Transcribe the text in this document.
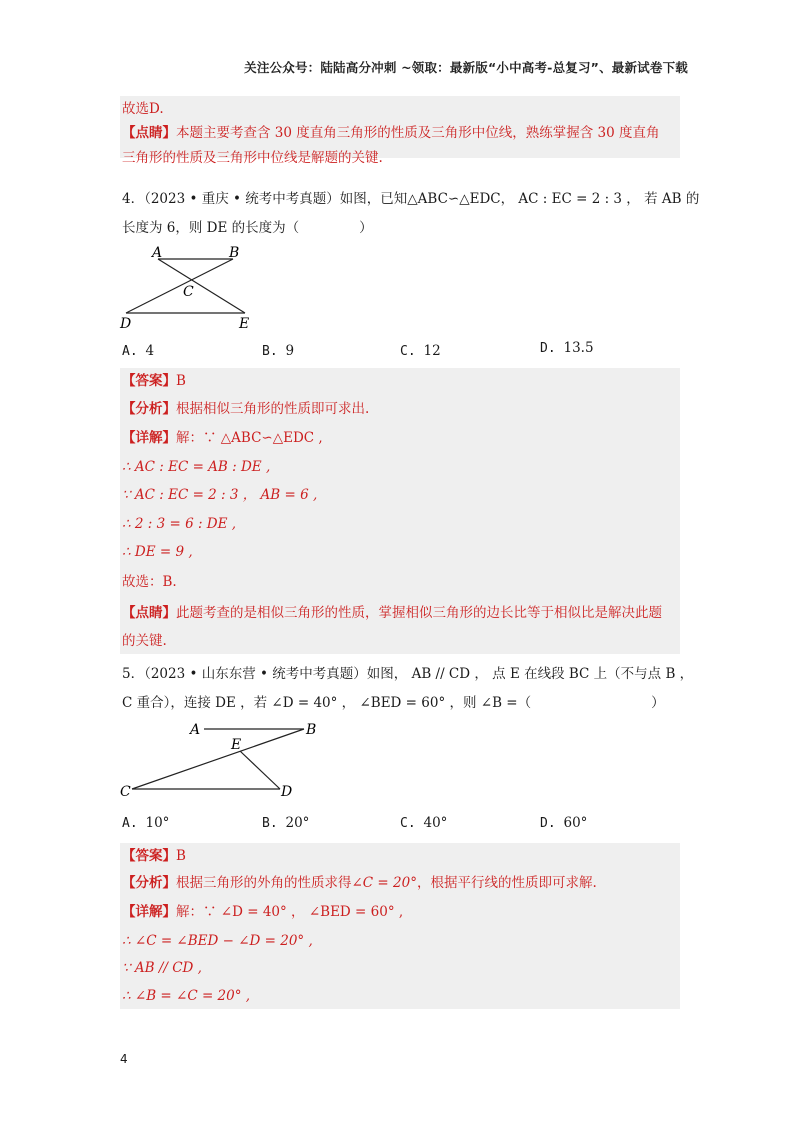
关注公众号：陆陆高分冲刺 ~领取：最新版“小中高考-总复习”、最新试卷下载
故选D.
【点睛】本题主要考查含 30 度直角三角形的性质及三角形中位线，熟练掌握含 30 度直角
三角形的性质及三角形中位线是解题的关键.
4．（2023 • 重庆 • 统考中考真题）如图，已知△ABC∽△EDC， AC : EC = 2 : 3 ， 若 AB 的
长度为 6，则 DE 的长度为（	）
A	B
C
D	E
A. 4	B. 9	C. 12	D. 13.5
【答案】B
【分析】根据相似三角形的性质即可求出.
【详解】解：∵ △ABC∽△EDC ,
∴ AC : EC = AB : DE ,
∵ AC : EC = 2 : 3 ， AB = 6 ,
∴ 2 : 3 = 6 : DE ,
∴ DE = 9 ,
故选：B.
【点睛】此题考查的是相似三角形的性质，掌握相似三角形的边长比等于相似比是解决此题
的关键.
5．（2023 • 山东东营 • 统考中考真题）如图， AB // CD ， 点 E 在线段 BC 上（不与点 B ，
C 重合），连接 DE ，若 ∠D = 40° ， ∠BED = 60° ，则 ∠B =（	）
A	B
E
C	D
A. 10°	B. 20°	C. 40°	D. 60°
【答案】B
【分析】根据三角形的外角的性质求得∠C = 20°，根据平行线的性质即可求解.
【详解】解：∵ ∠D = 40° ， ∠BED = 60° ,
∴ ∠C = ∠BED − ∠D = 20° ,
∵ AB // CD ,
∴ ∠B = ∠C = 20° ,
4
